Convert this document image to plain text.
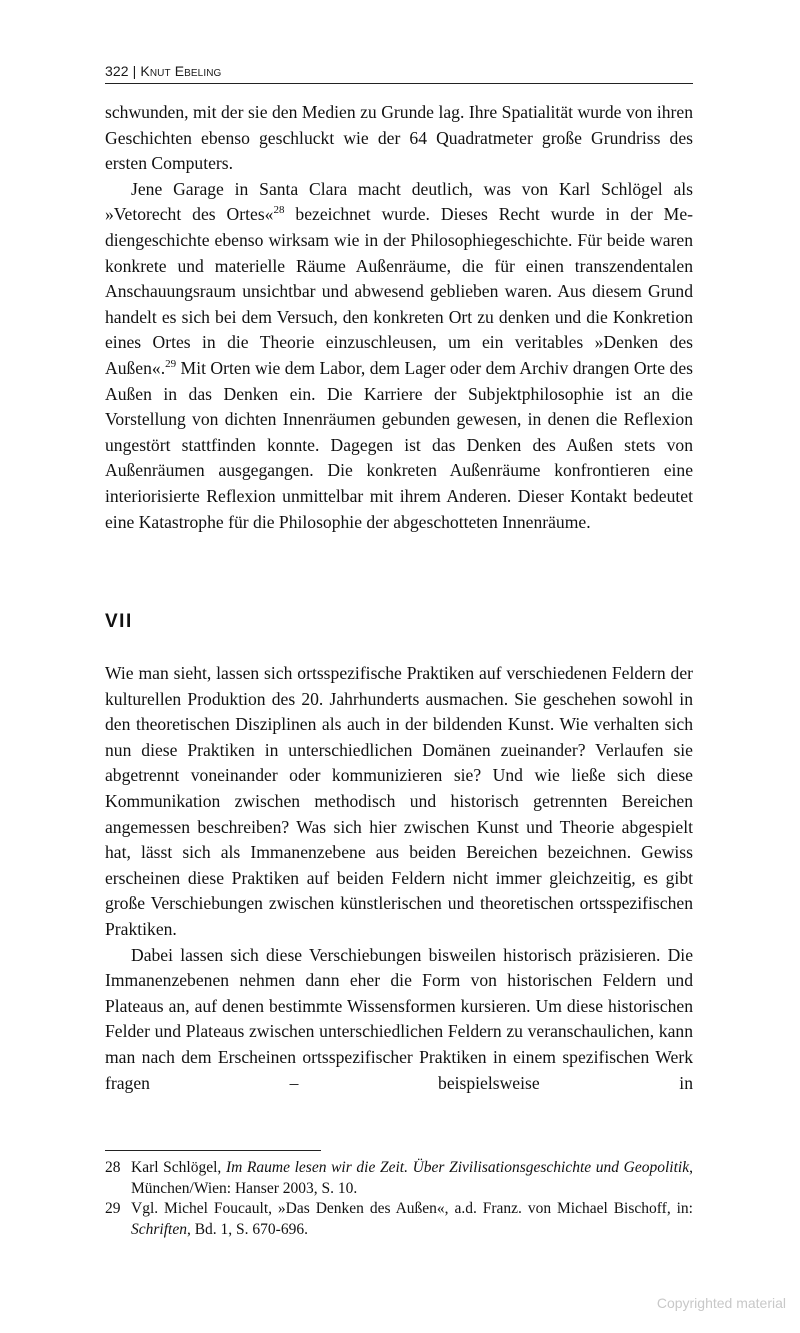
322 | Knut Ebeling

schwunden, mit der sie den Medien zu Grunde lag. Ihre Spatialität wurde von ihren Geschichten ebenso geschluckt wie der 64 Quadratmeter große Grundriss des ersten Computers.

Jene Garage in Santa Clara macht deutlich, was von Karl Schlögel als »Vetorecht des Ortes«$^{28}$ bezeichnet wurde. Dieses Recht wurde in der Mediengeschichte ebenso wirksam wie in der Philosophiegeschichte. Für beide waren konkrete und materielle Räume Außenräume, die für einen transzendentalen Anschauungsraum unsichtbar und abwesend geblieben waren. Aus diesem Grund handelt es sich bei dem Versuch, den konkreten Ort zu denken und die Konkretion eines Ortes in die Theorie einzuschleusen, um ein veritables »Denken des Außen«.$^{29}$ Mit Orten wie dem Labor, dem Lager oder dem Archiv drangen Orte des Außen in das Denken ein. Die Karriere der Subjektphilosophie ist an die Vorstellung von dichten Innenräumen gebunden gewesen, in denen die Reflexion ungestört stattfinden konnte. Dagegen ist das Denken des Außen stets von Außenräumen ausgegangen. Die konkreten Außenräume konfrontieren eine interiorisierte Reflexion unmittelbar mit ihrem Anderen. Dieser Kontakt bedeutet eine Katastrophe für die Philosophie der abgeschotteten Innenräume.

VII

Wie man sieht, lassen sich ortsspezifische Praktiken auf verschiedenen Feldern der kulturellen Produktion des 20. Jahrhunderts ausmachen. Sie geschehen sowohl in den theoretischen Disziplinen als auch in der bildenden Kunst. Wie verhalten sich nun diese Praktiken in unterschiedlichen Domänen zueinander? Verlaufen sie abgetrennt voneinander oder kommunizieren sie? Und wie ließe sich diese Kommunikation zwischen methodisch und historisch getrennten Bereichen angemessen beschreiben? Was sich hier zwischen Kunst und Theorie abgespielt hat, lässt sich als Immanenzebene aus beiden Bereichen bezeichnen. Gewiss erscheinen diese Praktiken auf beiden Feldern nicht immer gleichzeitig, es gibt große Verschiebungen zwischen künstlerischen und theoretischen ortsspezifischen Praktiken.

Dabei lassen sich diese Verschiebungen bisweilen historisch präzisieren. Die Immanenzebenen nehmen dann eher die Form von historischen Feldern und Plateaus an, auf denen bestimmte Wissensformen kursieren. Um diese historischen Felder und Plateaus zwischen unterschiedlichen Feldern zu veranschaulichen, kann man nach dem Erscheinen ortsspezifischer Praktiken in einem spezifischen Werk fragen – beispielsweise in

28 Karl Schlögel, Im Raume lesen wir die Zeit. Über Zivilisationsgeschichte und Geopolitik, München/Wien: Hanser 2003, S. 10.
29 Vgl. Michel Foucault, »Das Denken des Außen«, a.d. Franz. von Michael Bischoff, in: Schriften, Bd. 1, S. 670-696.
Copyrighted material
